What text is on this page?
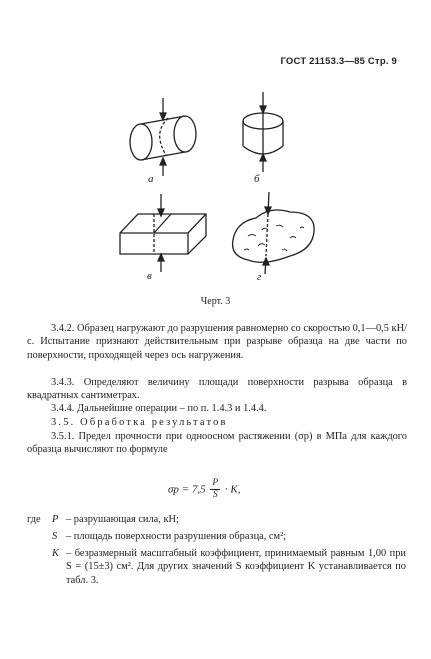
ГОСТ 21153.3—85 Стр. 9
а	б
в	г
Черт. 3
3.4.2. Образец нагружают до разрушения равномерно со скоростью 0,1—0,5 кН/с. Испытание признают действительным при разрыве образца на две части по поверхности, проходящей через ось нагружения.
3.4.3. Определяют величину площади поверхности разрыва образца в квадратных сантиметрах.
3.4.4. Дальнейшие операции – по п. 1.4.3 и 1.4.4.
3.5. Обработка результатов
3.5.1. Предел прочности при одноосном растяжении (σр) в МПа для каждого образца вычисляют по формуле
$\sigma р = 7,5 \frac{P}{S} \cdot K$,
где P – разрушающая сила, кН;
S – площадь поверхности разрушения образца, см²;
K – безразмерный масштабный коэффициент, принимаемый равным 1,00 при S = (15±3) см². Для других значений S коэффициент K устанавливается по табл. 3.
